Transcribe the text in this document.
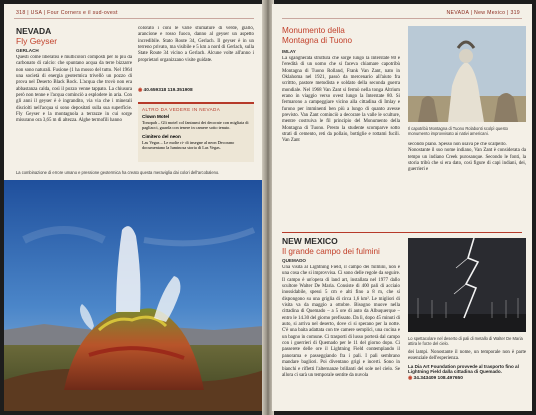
318 | USA | Four Corners e il sud-ovest
NEVADA
Fly Geyser
GERLACH
Questi come liberatisi e multicolori composti per lo più da carbonato di calcio: che spuntano acqua da terre bizzarre non sono naturali. Fusione (1 ha mosso del tutto. Nel 1964 una società di energia geotermica trivellò un pozzo di prova nel Deserto Black Rock. L'acqua che trovò non era abbastanza calda, così il pozzo venne tappato. La chiusura però non tenne e l'acqua cominciò a esplodere in aria. Con gli anni il geyser è è ingrandito, via via che i minerali disciolti nell'acqua si sono depositati sulla sua superficie. Fly Geyser e la montagnola a terrazze in cui sorge misurano ora 3,65 m di altezza. Alghe termofili hanno
colorato i coni le varie sfumature di verde, giallo, arancione e rosso fuoco, danno al geyser un aspetto incredibile. Stato Route 34, Gerlach. Il geyser è in un terreno privato, ma visibile e 5 km a nord di Gerlach, sulla State Route 34 vicino a Gerlach. Alcune volte all'anno i proprietari organizzano visite guidate.
◉ 40.659318 119.351908
ALTRO DA VEDERE IN NEVADA
Clown Motel
Tonopah – Gli motel col fantasmi dei decorate con migliaia di pagliacci, guarda con tenere in camere sotto tenuto.
Cimitero del neon
Las Vegas – Le molte ri- di insegne al neon Decorano documentano la luminosa storia di Las Vegas.
La combinazione di errore umano e pressione geotermica ha creato questa meraviglia dai colori dell'arcobaleno.
NEVADA | New Mexico | 319
Monumento della
Montagna di Tuono
IMLAY
La sgangherata struttura che sorge lungo la Interstate 80 e l'eredità di un uomo che si faceva chiamare capotribù Montagna di Tuono Rolland, Frank Van Zant, nato in Oklahoma nel 1921, passò da mercenario all'aiuto fra scrittto, pastore metodista e soldato della seconda guerra mondiale. Nel 1968 Van Zant si fermò nella tonga Altrium erano in viaggio verso ovest lungo la Interstate 80. Si fermarono a campeggiare vicino alla cittadina di Imlay e furono per imminenti ben più a lungo di quanto avesse previsto. Van Zant cominciò a decorare la valle le sculture, mentre costruiva le fil principio del Monumento della Montagna di Tuono. Presto la studente scomparve sotto strati di cemento, reti da pollaio, bottiglie e rottami fucili. Van Zant
Il capotribù Montagna di Tuono Rolabonti scolpì questo monumento improvvisato ai nativi americani.
secondo piano. Spesso non usava pe che scalpello.
Nonostante il suo nome indiano, Van Zant è considerata da tempo un indiano Creek purosanque. Secondo le fonti, la storia tribù che si era dato, così figure di capi indiani, dei, guerrieri e
NEW MEXICO
Il grande campo dei fulmini
QUEMADO
Una visita al Lightning Field, il campo dei fulmini, non è una cosa che si improvvisa. Ci sono delle regole da seguire. Il campo è un'opera di land art, installata nel 1977 dallo scultore Walter De Maria. Consiste di 400 pali di acciaio inossidabile, spessi 5 cm e alti fino a 8 m, che si dispongono su una griglia di circa 1,6 km². Le migliori di visita va da maggio a ottobre. Bisogno muove nella cittadina di Quemado – a 5 ore di auto da Albuquerque – entro le 14.30 del giorno prefissato. Da lì, dopo 45 minuti di auto, si arriva nel deserto, dove ci si sperano per la notte. C'è una baita adattata con tre camere semplici, una cucina e un bagno in comune. Ci trasporti di lusso porterà dal campo con i guerrieri di Quemado per le 11 del giorno dopo. Ci passerete delle ore il Lightning Field contemplando il panorama e passeggiando fra i pali. I pali sembrano mandare bagliori. Poi diventano grigi e incerti. Sono in bianchi e rifletti l'alternanze brillanti del sole nel cielo. Se allora ci sarà un temporale sentite da nuvola
Lo spettacolare nel deserto di pali di metallo di Walter De Maria attira le forze del cielo.
dei lampi. Nonostante il nome, un temporale non è parte essenziale dell'esperienza.
La Dia Art Foundation provvede al trasporto fino al Lightning Field dalla cittadina di Quemado.
◉ 34.343409 108.497650
